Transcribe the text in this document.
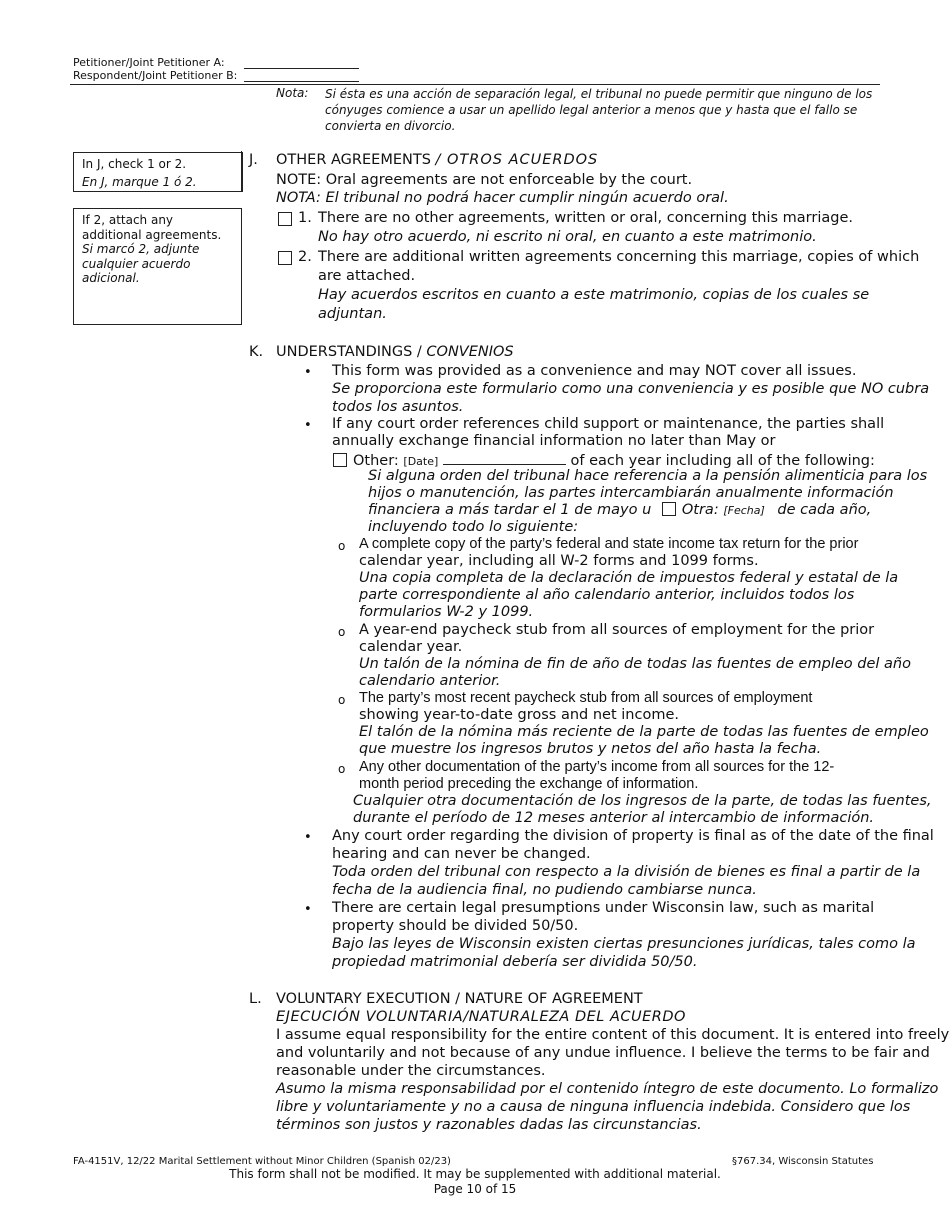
Petitioner/Joint Petitioner A:
Respondent/Joint Petitioner B:
Nota: Si ésta es una acción de separación legal, el tribunal no puede permitir que ninguno de los cónyuges comience a usar un apellido legal anterior a menos que y hasta que el fallo se convierta en divorcio.
In J, check 1 or 2.
En J, marque 1 ó 2.
If 2, attach any additional agreements.
Si marcó 2, adjunte cualquier acuerdo adicional.
J. OTHER AGREEMENTS / OTROS ACUERDOS
NOTE: Oral agreements are not enforceable by the court.
NOTA: El tribunal no podrá hacer cumplir ningún acuerdo oral.
1. There are no other agreements, written or oral, concerning this marriage.
No hay otro acuerdo, ni escrito ni oral, en cuanto a este matrimonio.
2. There are additional written agreements concerning this marriage, copies of which
are attached.
Hay acuerdos escritos en cuanto a este matrimonio, copias de los cuales se
adjuntan.
K. UNDERSTANDINGS / CONVENIOS
• This form was provided as a convenience and may NOT cover all issues.
Se proporciona este formulario como una conveniencia y es posible que NO cubra
todos los asuntos.
• If any court order references child support or maintenance, the parties shall
annually exchange financial information no later than May or
Other: [Date]	of each year including all of the following:
Si alguna orden del tribunal hace referencia a la pensión alimenticia para los
hijos o manutención, las partes intercambiarán anualmente información
financiera a más tardar el 1 de mayo u Otra: [Fecha] de cada año,
incluyendo todo lo siguiente:
o A complete copy of the party’s federal and state income tax return for the prior
calendar year, including all W-2 forms and 1099 forms.
Una copia completa de la declaración de impuestos federal y estatal de la
parte correspondiente al año calendario anterior, incluidos todos los
formularios W-2 y 1099.
o A year-end paycheck stub from all sources of employment for the prior
calendar year.
Un talón de la nómina de fin de año de todas las fuentes de empleo del año
calendario anterior.
o The party’s most recent paycheck stub from all sources of employment
showing year-to-date gross and net income.
El talón de la nómina más reciente de la parte de todas las fuentes de empleo
que muestre los ingresos brutos y netos del año hasta la fecha.
o Any other documentation of the party’s income from all sources for the 12-
month period preceding the exchange of information.
Cualquier otra documentación de los ingresos de la parte, de todas las fuentes,
durante el período de 12 meses anterior al intercambio de información.
• Any court order regarding the division of property is final as of the date of the final
hearing and can never be changed.
Toda orden del tribunal con respecto a la división de bienes es final a partir de la
fecha de la audiencia final, no pudiendo cambiarse nunca.
• There are certain legal presumptions under Wisconsin law, such as marital
property should be divided 50/50.
Bajo las leyes de Wisconsin existen ciertas presunciones jurídicas, tales como la
propiedad matrimonial debería ser dividida 50/50.
L. VOLUNTARY EXECUTION / NATURE OF AGREEMENT
EJECUCIÓN VOLUNTARIA/NATURALEZA DEL ACUERDO
I assume equal responsibility for the entire content of this document. It is entered into freely
and voluntarily and not because of any undue influence. I believe the terms to be fair and
reasonable under the circumstances.
Asumo la misma responsabilidad por el contenido íntegro de este documento. Lo formalizo
libre y voluntariamente y no a causa de ninguna influencia indebida. Considero que los
términos son justos y razonables dadas las circunstancias.
FA-4151V, 12/22 Marital Settlement without Minor Children (Spanish 02/23)	§767.34, Wisconsin Statutes
This form shall not be modified. It may be supplemented with additional material.
Page 10 of 15
